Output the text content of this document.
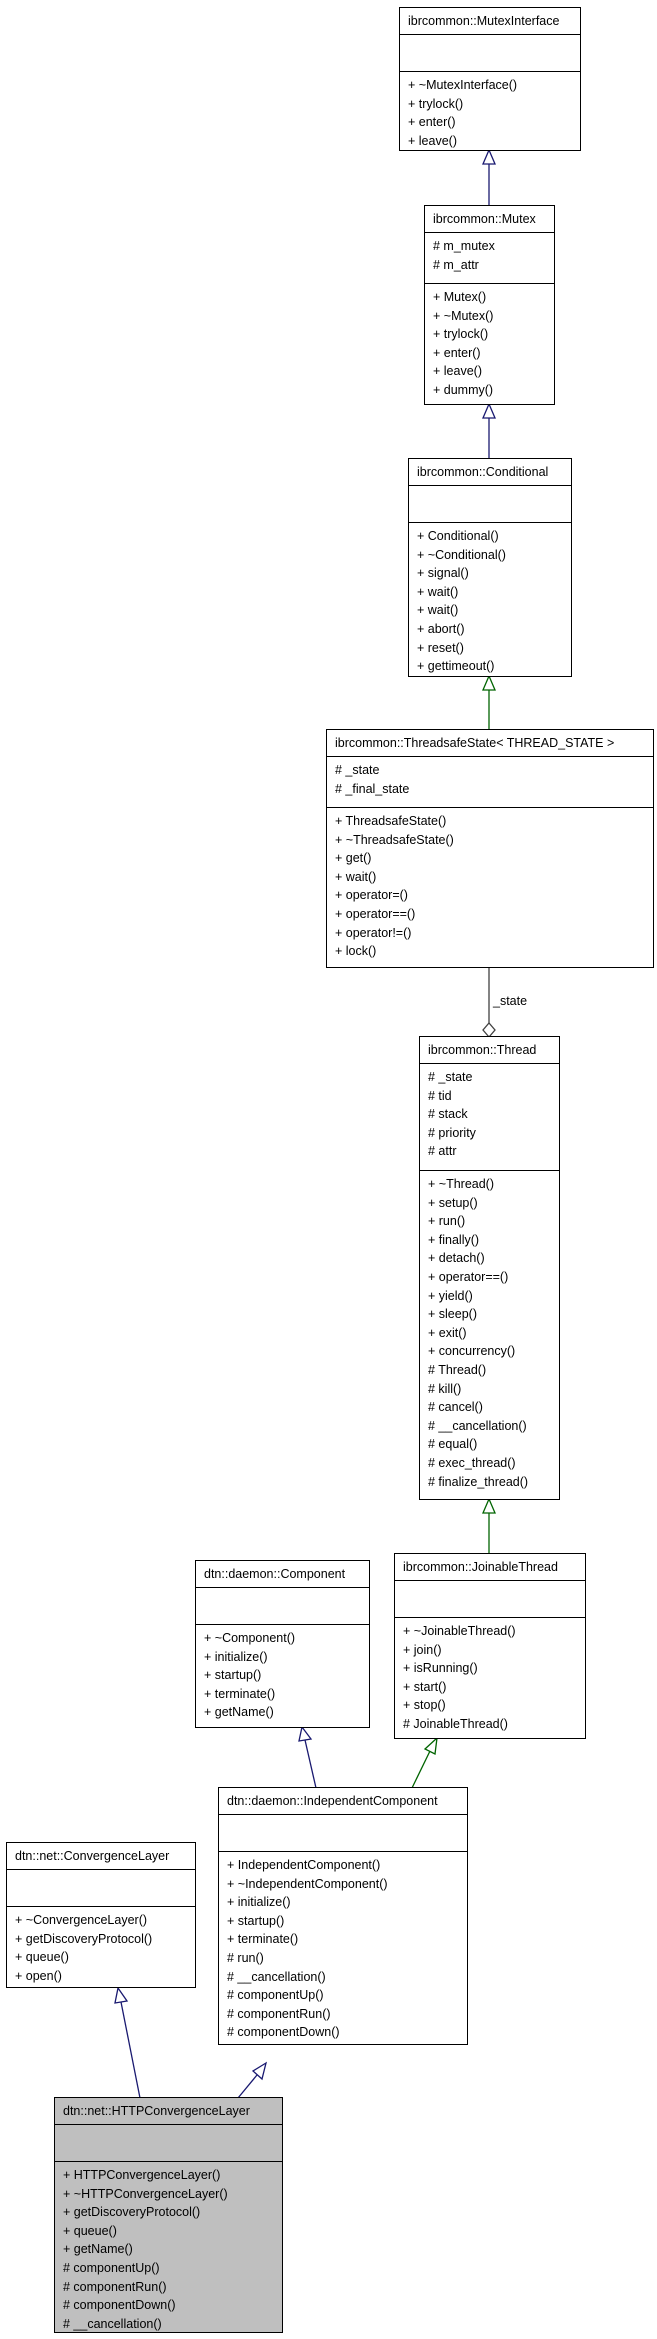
_state
ibrcommon::MutexInterface
+ ~MutexInterface()
+ trylock()
+ enter()
+ leave()
ibrcommon::Mutex
# m_mutex
# m_attr
+ Mutex()
+ ~Mutex()
+ trylock()
+ enter()
+ leave()
+ dummy()
ibrcommon::Conditional
+ Conditional()
+ ~Conditional()
+ signal()
+ wait()
+ wait()
+ abort()
+ reset()
+ gettimeout()
ibrcommon::ThreadsafeState< THREAD_STATE >
# _state
# _final_state
+ ThreadsafeState()
+ ~ThreadsafeState()
+ get()
+ wait()
+ operator=()
+ operator==()
+ operator!=()
+ lock()
ibrcommon::Thread
# _state
# tid
# stack
# priority
# attr
+ ~Thread()
+ setup()
+ run()
+ finally()
+ detach()
+ operator==()
+ yield()
+ sleep()
+ exit()
+ concurrency()
# Thread()
# kill()
# cancel()
# __cancellation()
# equal()
# exec_thread()
# finalize_thread()
dtn::daemon::Component
+ ~Component()
+ initialize()
+ startup()
+ terminate()
+ getName()
ibrcommon::JoinableThread
+ ~JoinableThread()
+ join()
+ isRunning()
+ start()
+ stop()
# JoinableThread()
dtn::daemon::IndependentComponent
+ IndependentComponent()
+ ~IndependentComponent()
+ initialize()
+ startup()
+ terminate()
# run()
# __cancellation()
# componentUp()
# componentRun()
# componentDown()
dtn::net::ConvergenceLayer
+ ~ConvergenceLayer()
+ getDiscoveryProtocol()
+ queue()
+ open()
dtn::net::HTTPConvergenceLayer
+ HTTPConvergenceLayer()
+ ~HTTPConvergenceLayer()
+ getDiscoveryProtocol()
+ queue()
+ getName()
# componentUp()
# componentRun()
# componentDown()
# __cancellation()
